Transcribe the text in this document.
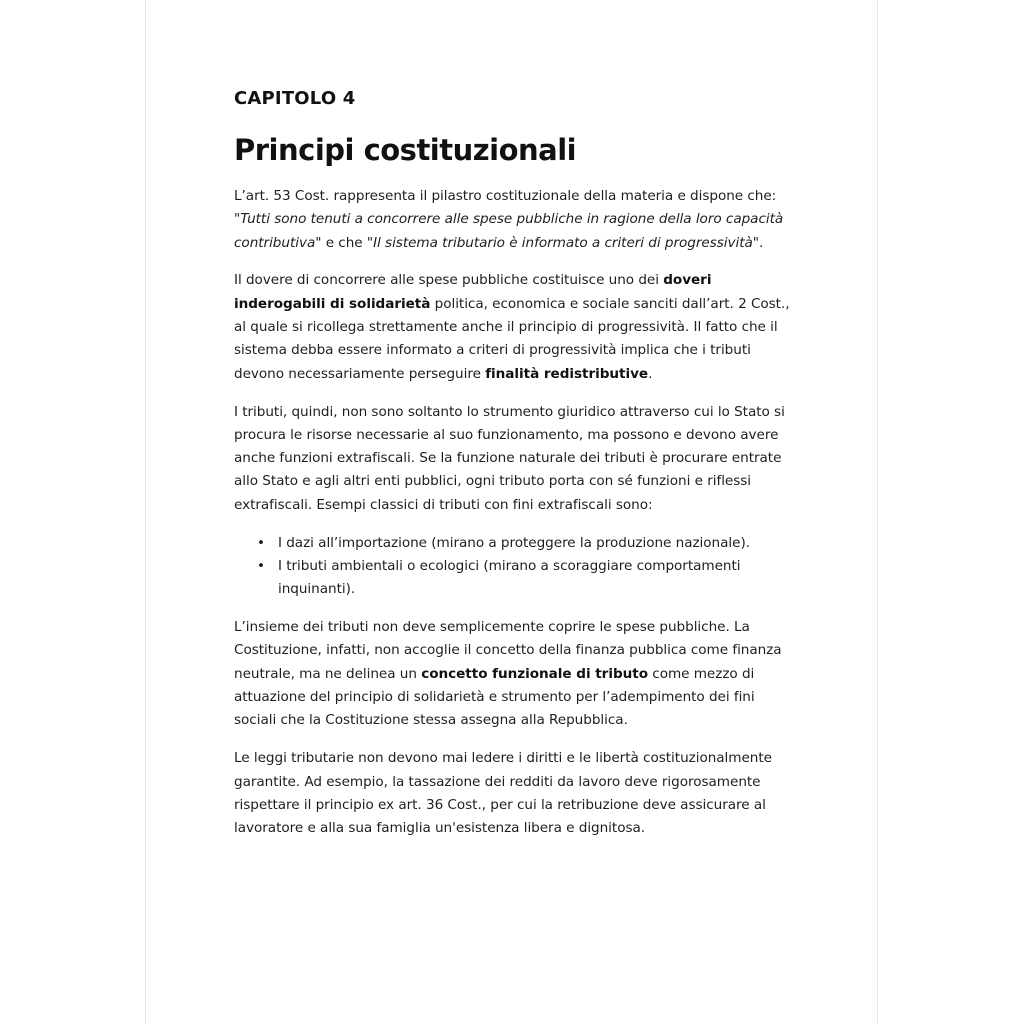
CAPITOLO 4
Principi costituzionali

L’art. 53 Cost. rappresenta il pilastro costituzionale della materia e dispone che: "Tutti sono tenuti a concorrere alle spese pubbliche in ragione della loro capacità contributiva" e che "Il sistema tributario è informato a criteri di progressività".

Il dovere di concorrere alle spese pubbliche costituisce uno dei doveri inderogabili di solidarietà politica, economica e sociale sanciti dall’art. 2 Cost., al quale si ricollega strettamente anche il principio di progressività. Il fatto che il sistema debba essere informato a criteri di progressività implica che i tributi devono necessariamente perseguire finalità redistributive.

I tributi, quindi, non sono soltanto lo strumento giuridico attraverso cui lo Stato si procura le risorse necessarie al suo funzionamento, ma possono e devono avere anche funzioni extrafiscali. Se la funzione naturale dei tributi è procurare entrate allo Stato e agli altri enti pubblici, ogni tributo porta con sé funzioni e riflessi extrafiscali. Esempi classici di tributi con fini extrafiscali sono:

• I dazi all’importazione (mirano a proteggere la produzione nazionale).
• I tributi ambientali o ecologici (mirano a scoraggiare comportamenti inquinanti).

L’insieme dei tributi non deve semplicemente coprire le spese pubbliche. La Costituzione, infatti, non accoglie il concetto della finanza pubblica come finanza neutrale, ma ne delinea un concetto funzionale di tributo come mezzo di attuazione del principio di solidarietà e strumento per l’adempimento dei fini sociali che la Costituzione stessa assegna alla Repubblica.

Le leggi tributarie non devono mai ledere i diritti e le libertà costituzionalmente garantite. Ad esempio, la tassazione dei redditi da lavoro deve rigorosamente rispettare il principio ex art. 36 Cost., per cui la retribuzione deve assicurare al lavoratore e alla sua famiglia un'esistenza libera e dignitosa.
